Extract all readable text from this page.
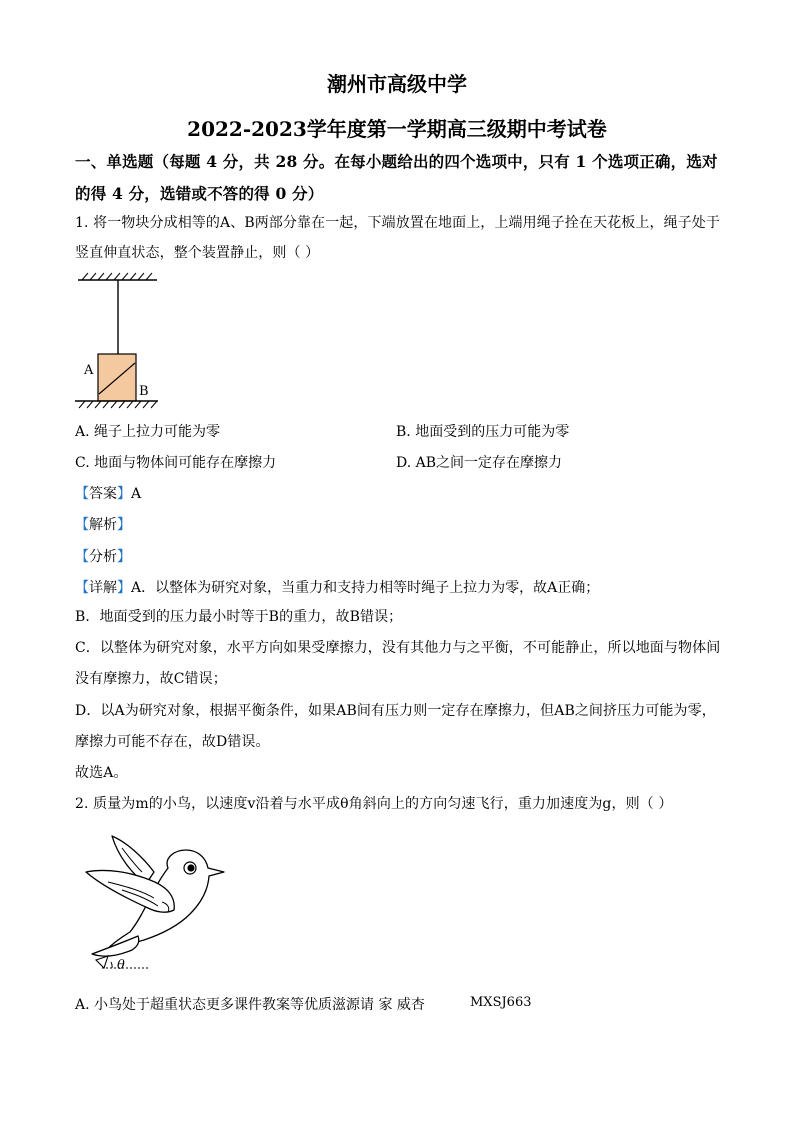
潮州市高级中学
2022-2023学年度第一学期高三级期中考试卷
一、单选题（每题 4 分，共 28 分。在每小题给出的四个选项中，只有 1 个选项正确，选对
的得 4 分，选错或不答的得 0 分）
1. 将一物块分成相等的A、B两部分靠在一起，下端放置在地面上，上端用绳子拴在天花板上，绳子处于
竖直伸直状态，整个装置静止，则（ ）
A
B
A. 绳子上拉力可能为零	B. 地面受到的压力可能为零
C. 地面与物体间可能存在摩擦力	D. AB之间一定存在摩擦力
【答案】A
【解析】
【分析】
【详解】A．以整体为研究对象，当重力和支持力相等时绳子上拉力为零，故A正确；
B．地面受到的压力最小时等于B的重力，故B错误；
C．以整体为研究对象，水平方向如果受摩擦力，没有其他力与之平衡，不可能静止，所以地面与物体间
没有摩擦力，故C错误；
D．以A为研究对象，根据平衡条件，如果AB间有压力则一定存在摩擦力，但AB之间挤压力可能为零，
摩擦力可能不存在，故D错误。
故选A。
2. 质量为m的小鸟，以速度v沿着与水平成θ角斜向上的方向匀速飞行，重力加速度为g，则（ ）
θ
A. 小鸟处于超重状态更多课件教案等优质滋源请 家 威杏	MXSJ663
